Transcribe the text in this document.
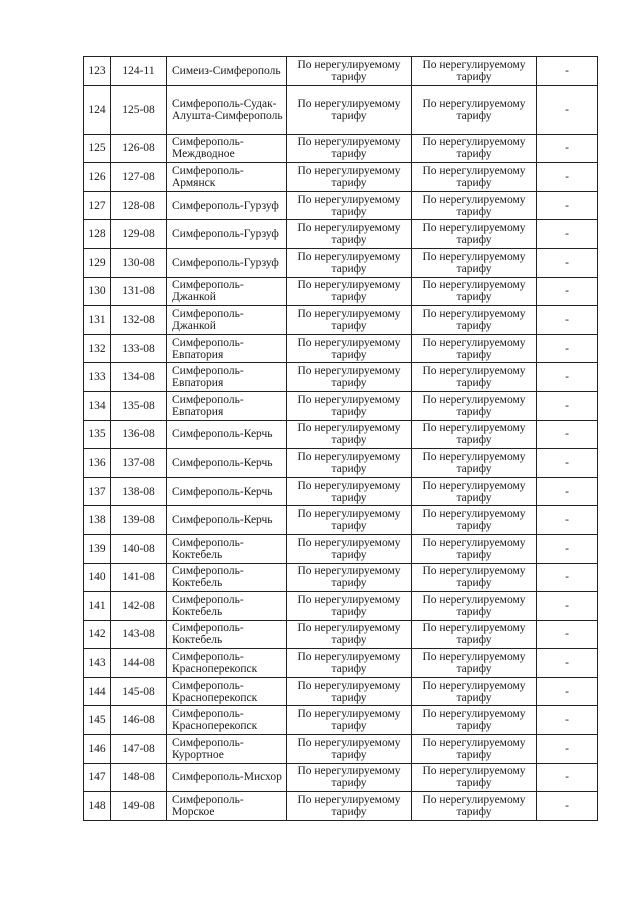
123	124-11	Симеиз-Симферополь	По нерегулируемому тарифу	По нерегулируемому тарифу	-
124	125-08	Симферополь-Судак-Алушта-Симферополь	По нерегулируемому тарифу	По нерегулируемому тарифу	-
125	126-08	Симферополь-Междводное	По нерегулируемому тарифу	По нерегулируемому тарифу	-
126	127-08	Симферополь-Армянск	По нерегулируемому тарифу	По нерегулируемому тарифу	-
127	128-08	Симферополь-Гурзуф	По нерегулируемому тарифу	По нерегулируемому тарифу	-
128	129-08	Симферополь-Гурзуф	По нерегулируемому тарифу	По нерегулируемому тарифу	-
129	130-08	Симферополь-Гурзуф	По нерегулируемому тарифу	По нерегулируемому тарифу	-
130	131-08	Симферополь-Джанкой	По нерегулируемому тарифу	По нерегулируемому тарифу	-
131	132-08	Симферополь-Джанкой	По нерегулируемому тарифу	По нерегулируемому тарифу	-
132	133-08	Симферополь-Евпатория	По нерегулируемому тарифу	По нерегулируемому тарифу	-
133	134-08	Симферополь-Евпатория	По нерегулируемому тарифу	По нерегулируемому тарифу	-
134	135-08	Симферополь-Евпатория	По нерегулируемому тарифу	По нерегулируемому тарифу	-
135	136-08	Симферополь-Керчь	По нерегулируемому тарифу	По нерегулируемому тарифу	-
136	137-08	Симферополь-Керчь	По нерегулируемому тарифу	По нерегулируемому тарифу	-
137	138-08	Симферополь-Керчь	По нерегулируемому тарифу	По нерегулируемому тарифу	-
138	139-08	Симферополь-Керчь	По нерегулируемому тарифу	По нерегулируемому тарифу	-
139	140-08	Симферополь-Коктебель	По нерегулируемому тарифу	По нерегулируемому тарифу	-
140	141-08	Симферополь-Коктебель	По нерегулируемому тарифу	По нерегулируемому тарифу	-
141	142-08	Симферополь-Коктебель	По нерегулируемому тарифу	По нерегулируемому тарифу	-
142	143-08	Симферополь-Коктебель	По нерегулируемому тарифу	По нерегулируемому тарифу	-
143	144-08	Симферополь-Красноперекопск	По нерегулируемому тарифу	По нерегулируемому тарифу	-
144	145-08	Симферополь-Красноперекопск	По нерегулируемому тарифу	По нерегулируемому тарифу	-
145	146-08	Симферополь-Красноперекопск	По нерегулируемому тарифу	По нерегулируемому тарифу	-
146	147-08	Симферополь-Курортное	По нерегулируемому тарифу	По нерегулируемому тарифу	-
147	148-08	Симферополь-Мисхор	По нерегулируемому тарифу	По нерегулируемому тарифу	-
148	149-08	Симферополь-Морское	По нерегулируемому тарифу	По нерегулируемому тарифу	-
